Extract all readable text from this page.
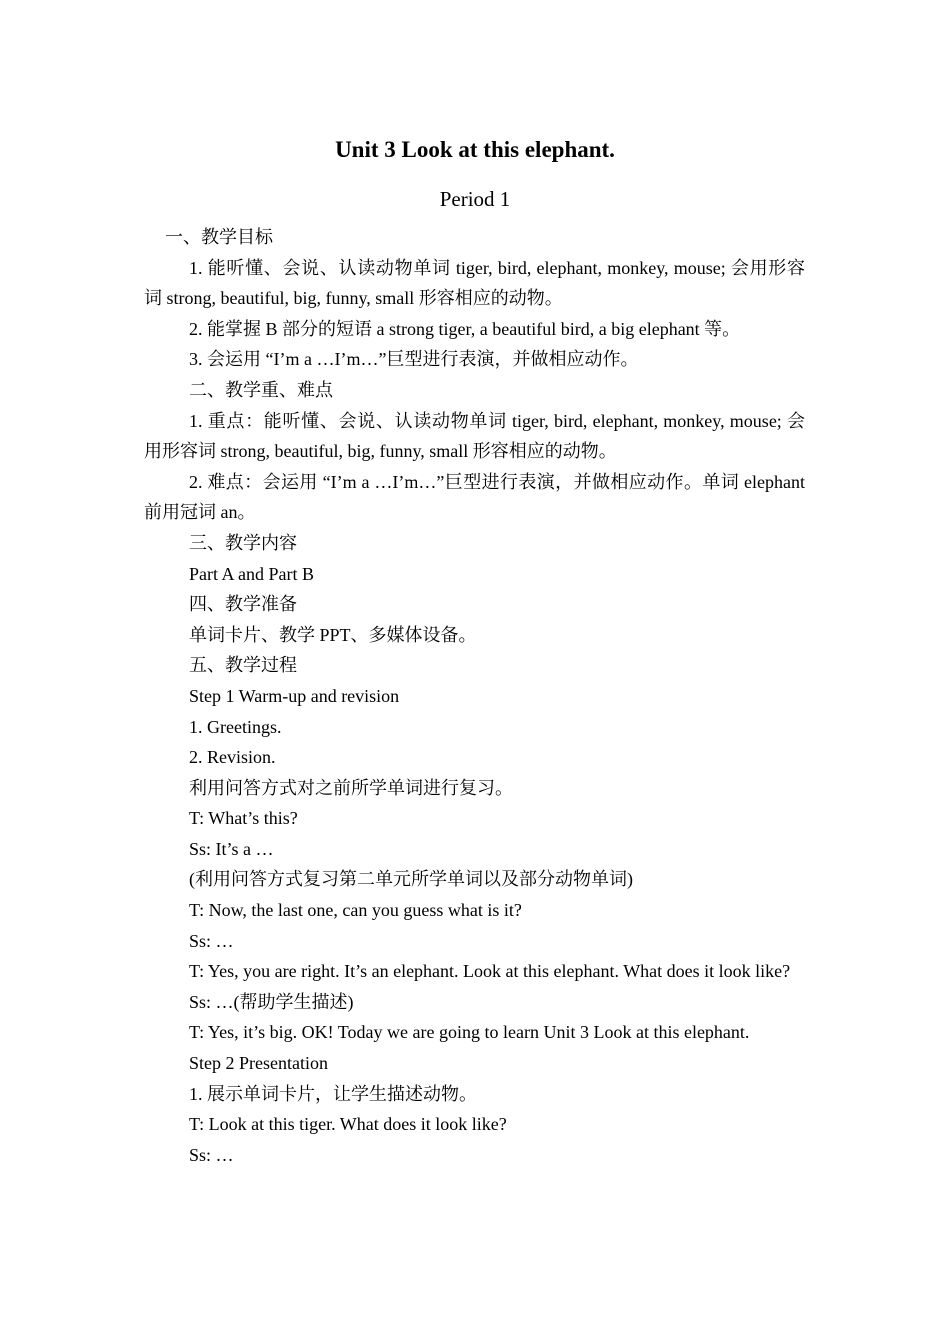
Unit 3 Look at this elephant.
Period 1

一、教学目标

1. 能听懂、会说、认读动物单词 tiger, bird, elephant, monkey, mouse; 会用形容词 strong, beautiful, big, funny, small 形容相应的动物。

2. 能掌握 B 部分的短语 a strong tiger, a beautiful bird, a big elephant 等。

3. 会运用 “I’m a …I’m…”巨型进行表演，并做相应动作。

二、教学重、难点

1. 重点：能听懂、会说、认读动物单词 tiger, bird, elephant, monkey, mouse; 会用形容词 strong, beautiful, big, funny, small 形容相应的动物。

2. 难点：会运用 “I’m a …I’m…”巨型进行表演，并做相应动作。单词 elephant 前用冠词 an。

三、教学内容

Part A and Part B

四、教学准备

单词卡片、教学 PPT、多媒体设备。

五、教学过程

Step 1 Warm-up and revision

1. Greetings.

2. Revision.

利用问答方式对之前所学单词进行复习。

T: What’s this?

Ss: It’s a …

(利用问答方式复习第二单元所学单词以及部分动物单词)

T: Now, the last one, can you guess what is it?

Ss: …

T: Yes, you are right. It’s an elephant. Look at this elephant. What does it look like?

Ss: …(帮助学生描述)

T: Yes, it’s big. OK! Today we are going to learn Unit 3 Look at this elephant.

Step 2 Presentation

1. 展示单词卡片，让学生描述动物。

T: Look at this tiger. What does it look like?

Ss: …
